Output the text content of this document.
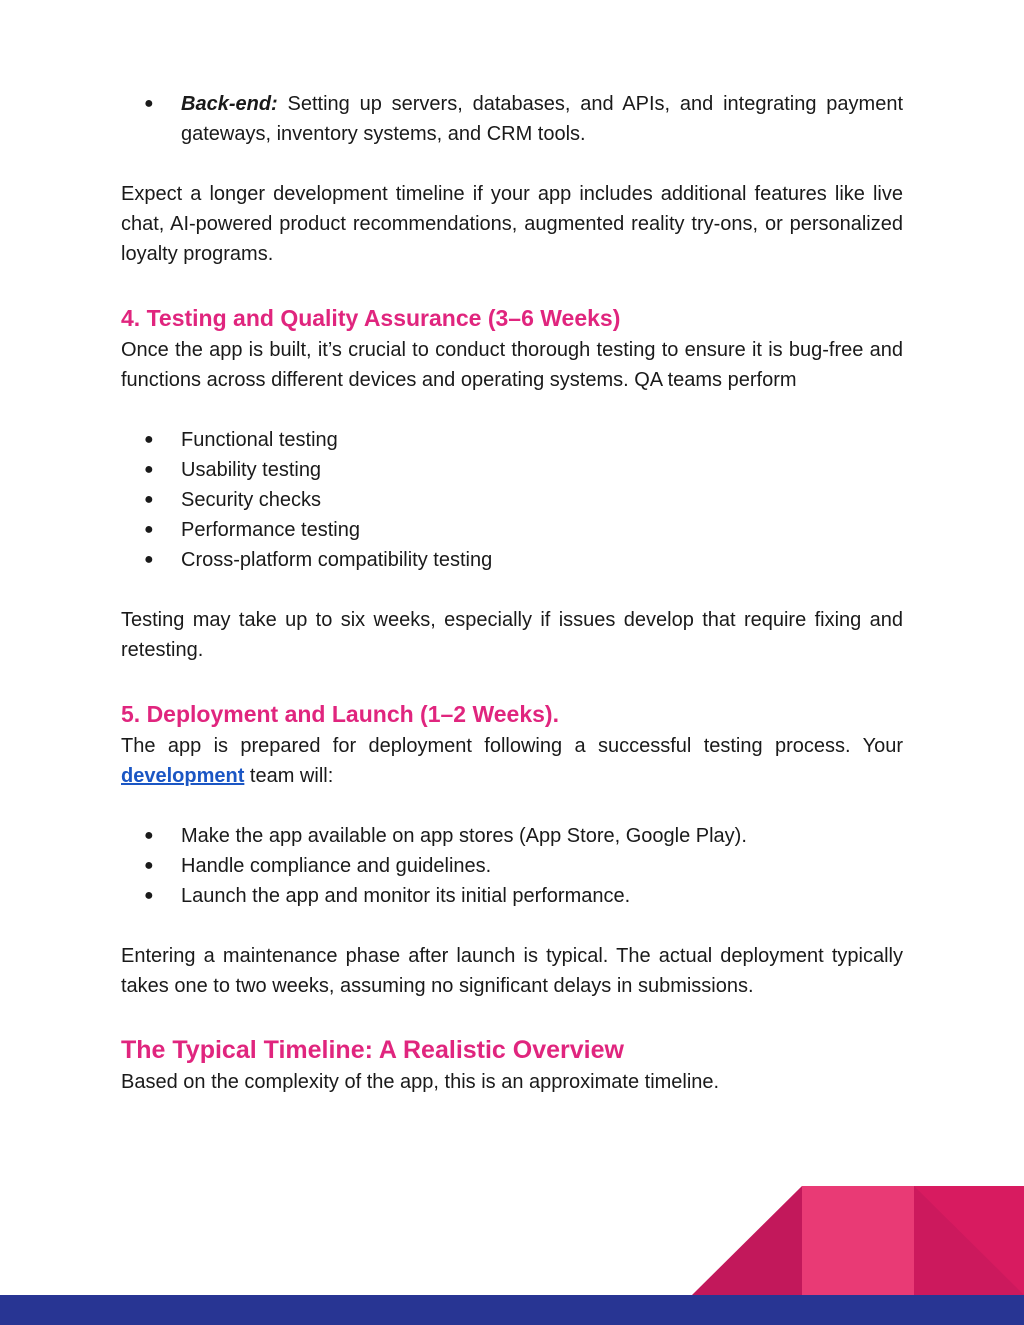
● Back-end: Setting up servers, databases, and APIs, and integrating payment gateways, inventory systems, and CRM tools.

Expect a longer development timeline if your app includes additional features like live chat, AI-powered product recommendations, augmented reality try-ons, or personalized loyalty programs.

4. Testing and Quality Assurance (3–6 Weeks)

Once the app is built, it’s crucial to conduct thorough testing to ensure it is bug-free and functions across different devices and operating systems. QA teams perform

● Functional testing
● Usability testing
● Security checks
● Performance testing
● Cross-platform compatibility testing

Testing may take up to six weeks, especially if issues develop that require fixing and retesting.

5. Deployment and Launch (1–2 Weeks).

The app is prepared for deployment following a successful testing process. Your development team will:

● Make the app available on app stores (App Store, Google Play).
● Handle compliance and guidelines.
● Launch the app and monitor its initial performance.

Entering a maintenance phase after launch is typical. The actual deployment typically takes one to two weeks, assuming no significant delays in submissions.

The Typical Timeline: A Realistic Overview

Based on the complexity of the app, this is an approximate timeline.
